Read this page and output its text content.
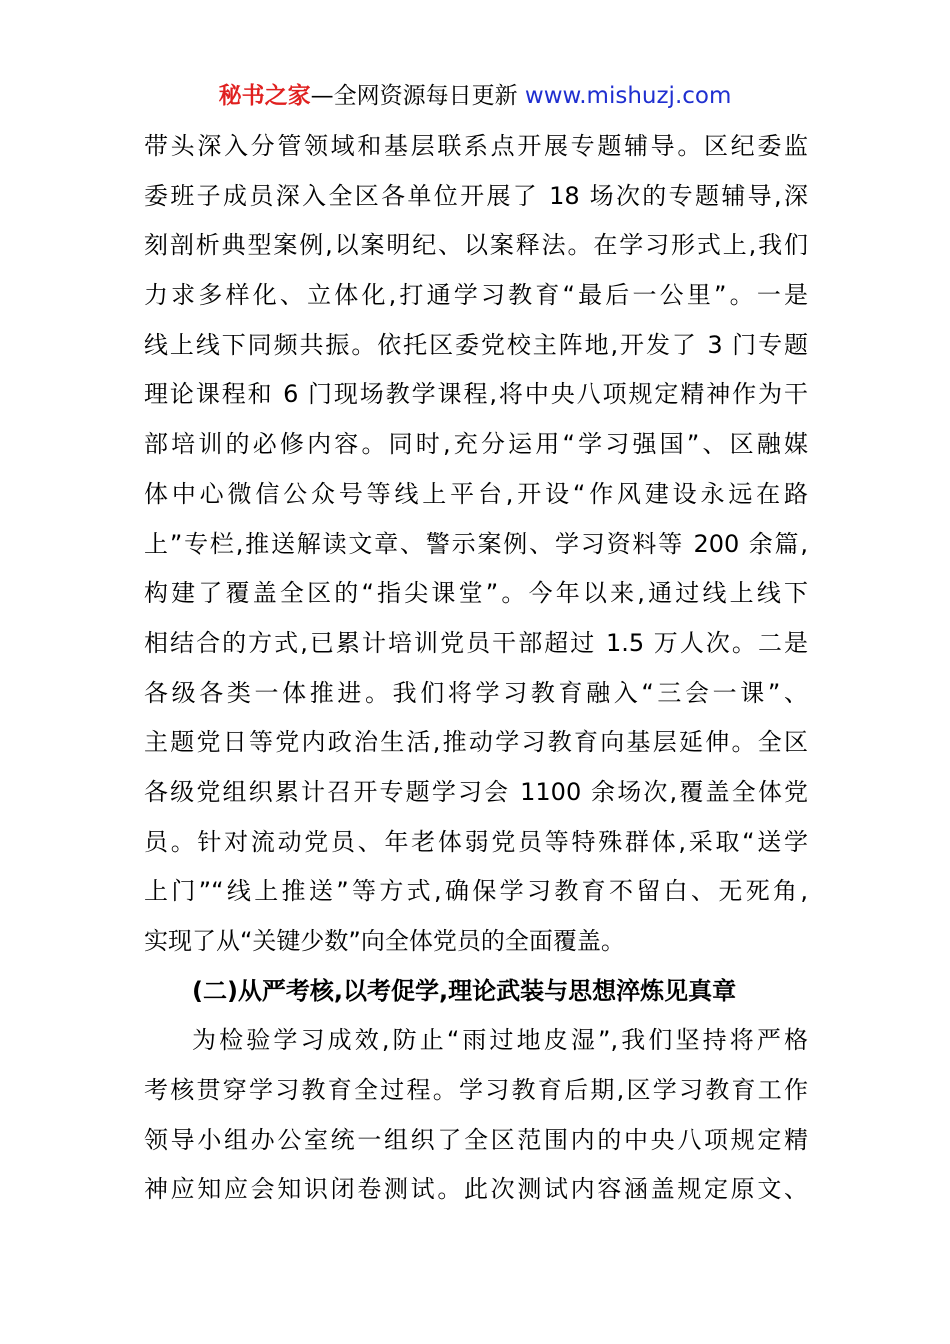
秘书之家—全网资源每日更新 www.mishuzj.com
带头深入分管领域和基层联系点开展专题辅导。区纪委监
委班子成员深入全区各单位开展了 18 场次的专题辅导,深
刻剖析典型案例,以案明纪、以案释法。在学习形式上,我们
力求多样化、立体化,打通学习教育“最后一公里”。一是
线上线下同频共振。依托区委党校主阵地,开发了 3 门专题
理论课程和 6 门现场教学课程,将中央八项规定精神作为干
部培训的必修内容。同时,充分运用“学习强国”、区融媒
体中心微信公众号等线上平台,开设“作风建设永远在路
上”专栏,推送解读文章、警示案例、学习资料等 200 余篇,
构建了覆盖全区的“指尖课堂”。今年以来,通过线上线下
相结合的方式,已累计培训党员干部超过 1.5 万人次。二是
各级各类一体推进。我们将学习教育融入“三会一课”、
主题党日等党内政治生活,推动学习教育向基层延伸。全区
各级党组织累计召开专题学习会 1100 余场次,覆盖全体党
员。针对流动党员、年老体弱党员等特殊群体,采取“送学
上门”“线上推送”等方式,确保学习教育不留白、无死角,
实现了从“关键少数”向全体党员的全面覆盖。
(二)从严考核,以考促学,理论武装与思想淬炼见真章
为检验学习成效,防止“雨过地皮湿”,我们坚持将严格
考核贯穿学习教育全过程。学习教育后期,区学习教育工作
领导小组办公室统一组织了全区范围内的中央八项规定精
神应知应会知识闭卷测试。此次测试内容涵盖规定原文、
